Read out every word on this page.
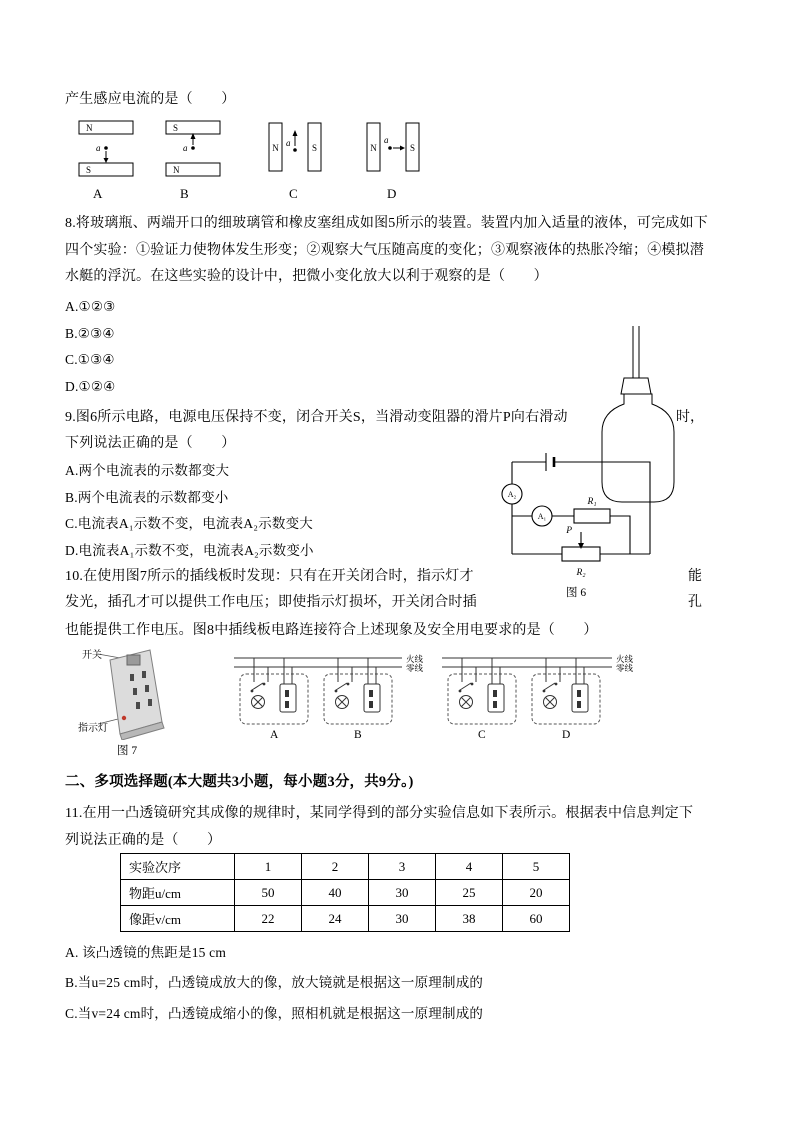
产生感应电流的是（　　）
N
a
S
S
a
N
N	S
a	N	S
a
A	B	C	D
8.将玻璃瓶、两端开口的细玻璃管和橡皮塞组成如图5所示的装置。装置内加入适量的液体，可完成如下
四个实验：①验证力使物体发生形变；②观察大气压随高度的变化；③观察液体的热胀冷缩；④模拟潜
水艇的浮沉。在这些实验的设计中，把微小变化放大以利于观察的是（　　）
A.①②③
B.②③④
C.①③④
D.①②④
9.图6所示电路，电源电压保持不变，闭合开关S，当滑动变阻器的滑片P向右滑动	时，
下列说法正确的是（　　）
A.两个电流表的示数都变大
B.两个电流表的示数都变小
C.电流表A₁示数不变，电流表A₂示数变大
D.电流表A₁示数不变，电流表A₂示数变小
A₂
A₁
R₁
P
R₂
图 6
10.在使用图7所示的插线板时发现：只有在开关闭合时，指示灯才	能
发光，插孔才可以提供工作电压；即使指示灯损坏，开关闭合时插	孔
也能提供工作电压。图8中插线板电路连接符合上述现象及安全用电要求的是（　　）
开关
指示灯
图 7
火线
零线
火线
零线
A	B	C	D
二、多项选择题(本大题共3小题，每小题3分，共9分。)
11.在用一凸透镜研究其成像的规律时，某同学得到的部分实验信息如下表所示。根据表中信息判定下
列说法正确的是（　　）
实验次序	1	2	3	4	5
物距u/cm	50	40	30	25	20
像距v/cm	22	24	30	38	60
A. 该凸透镜的焦距是15 cm
B.当u=25 cm时，凸透镜成放大的像，放大镜就是根据这一原理制成的
C.当v=24 cm时，凸透镜成缩小的像，照相机就是根据这一原理制成的
